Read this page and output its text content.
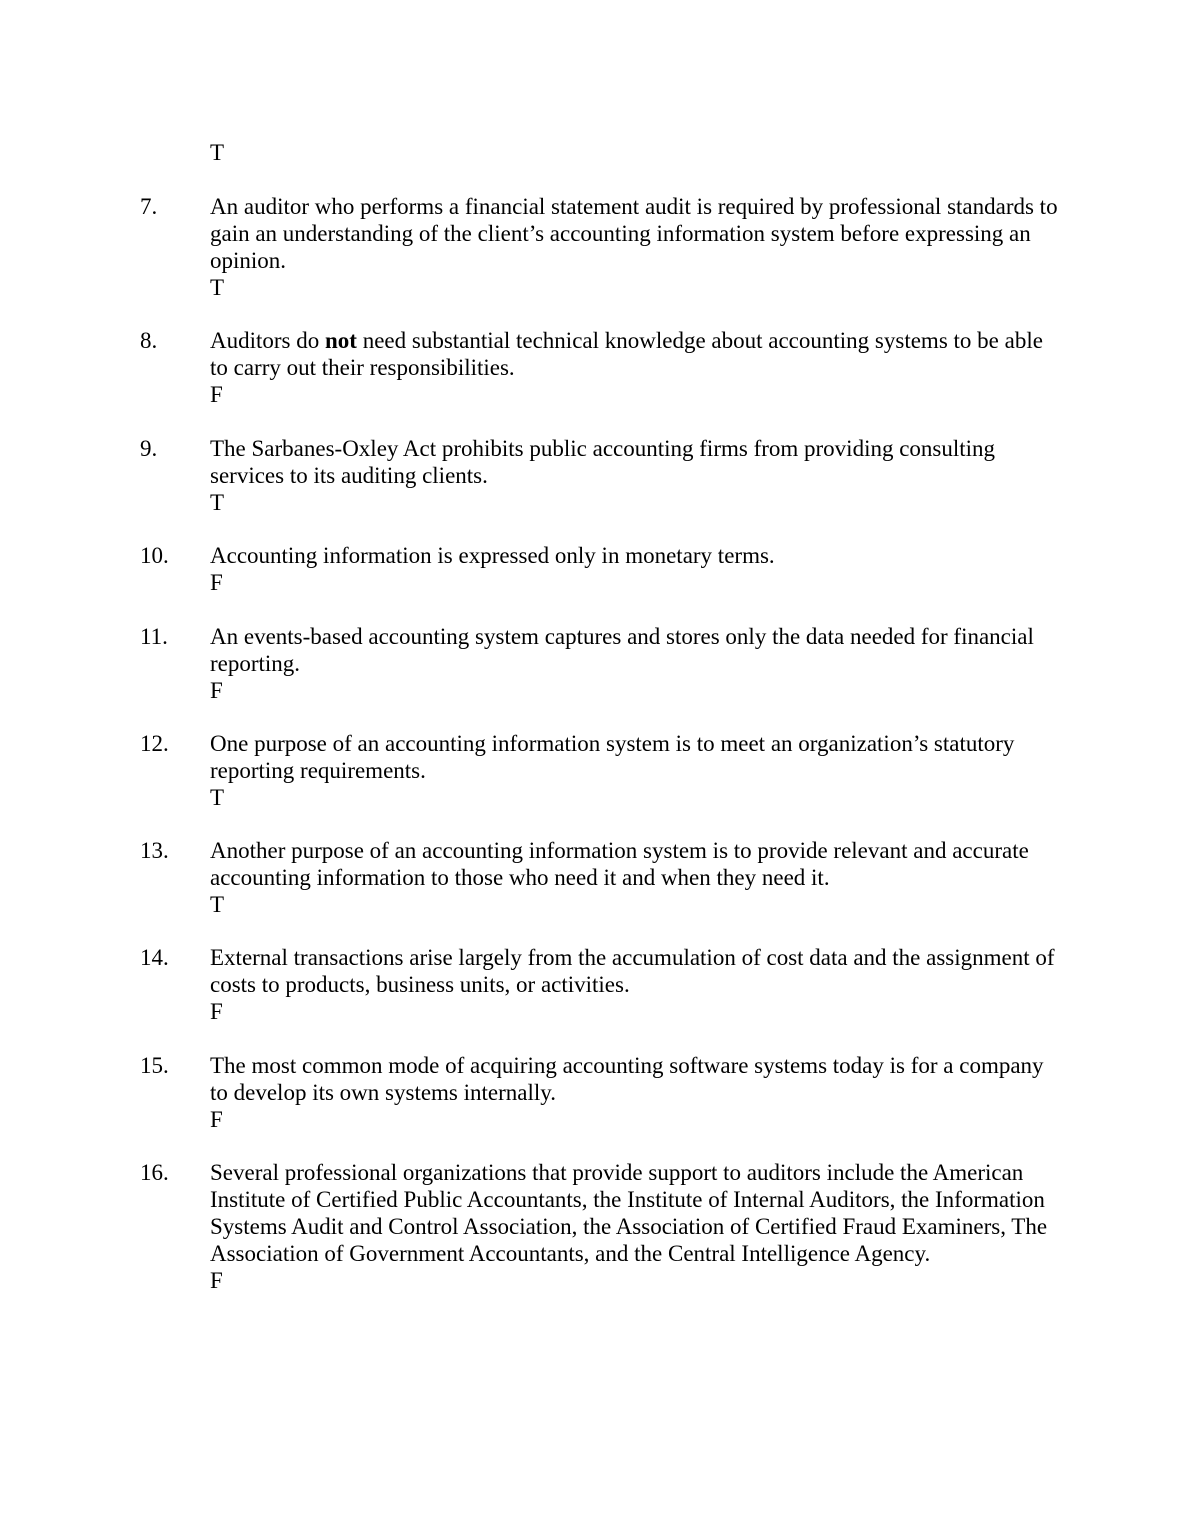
T
7. An auditor who performs a financial statement audit is required by professional standards to gain an understanding of the client’s accounting information system before expressing an opinion.
T
8. Auditors do not need substantial technical knowledge about accounting systems to be able to carry out their responsibilities.
F
9. The Sarbanes-Oxley Act prohibits public accounting firms from providing consulting services to its auditing clients.
T
10. Accounting information is expressed only in monetary terms.
F
11. An events-based accounting system captures and stores only the data needed for financial reporting.
F
12. One purpose of an accounting information system is to meet an organization’s statutory reporting requirements.
T
13. Another purpose of an accounting information system is to provide relevant and accurate accounting information to those who need it and when they need it.
T
14. External transactions arise largely from the accumulation of cost data and the assignment of costs to products, business units, or activities.
F
15. The most common mode of acquiring accounting software systems today is for a company to develop its own systems internally.
F
16. Several professional organizations that provide support to auditors include the American Institute of Certified Public Accountants, the Institute of Internal Auditors, the Information Systems Audit and Control Association, the Association of Certified Fraud Examiners, The Association of Government Accountants, and the Central Intelligence Agency.
F
